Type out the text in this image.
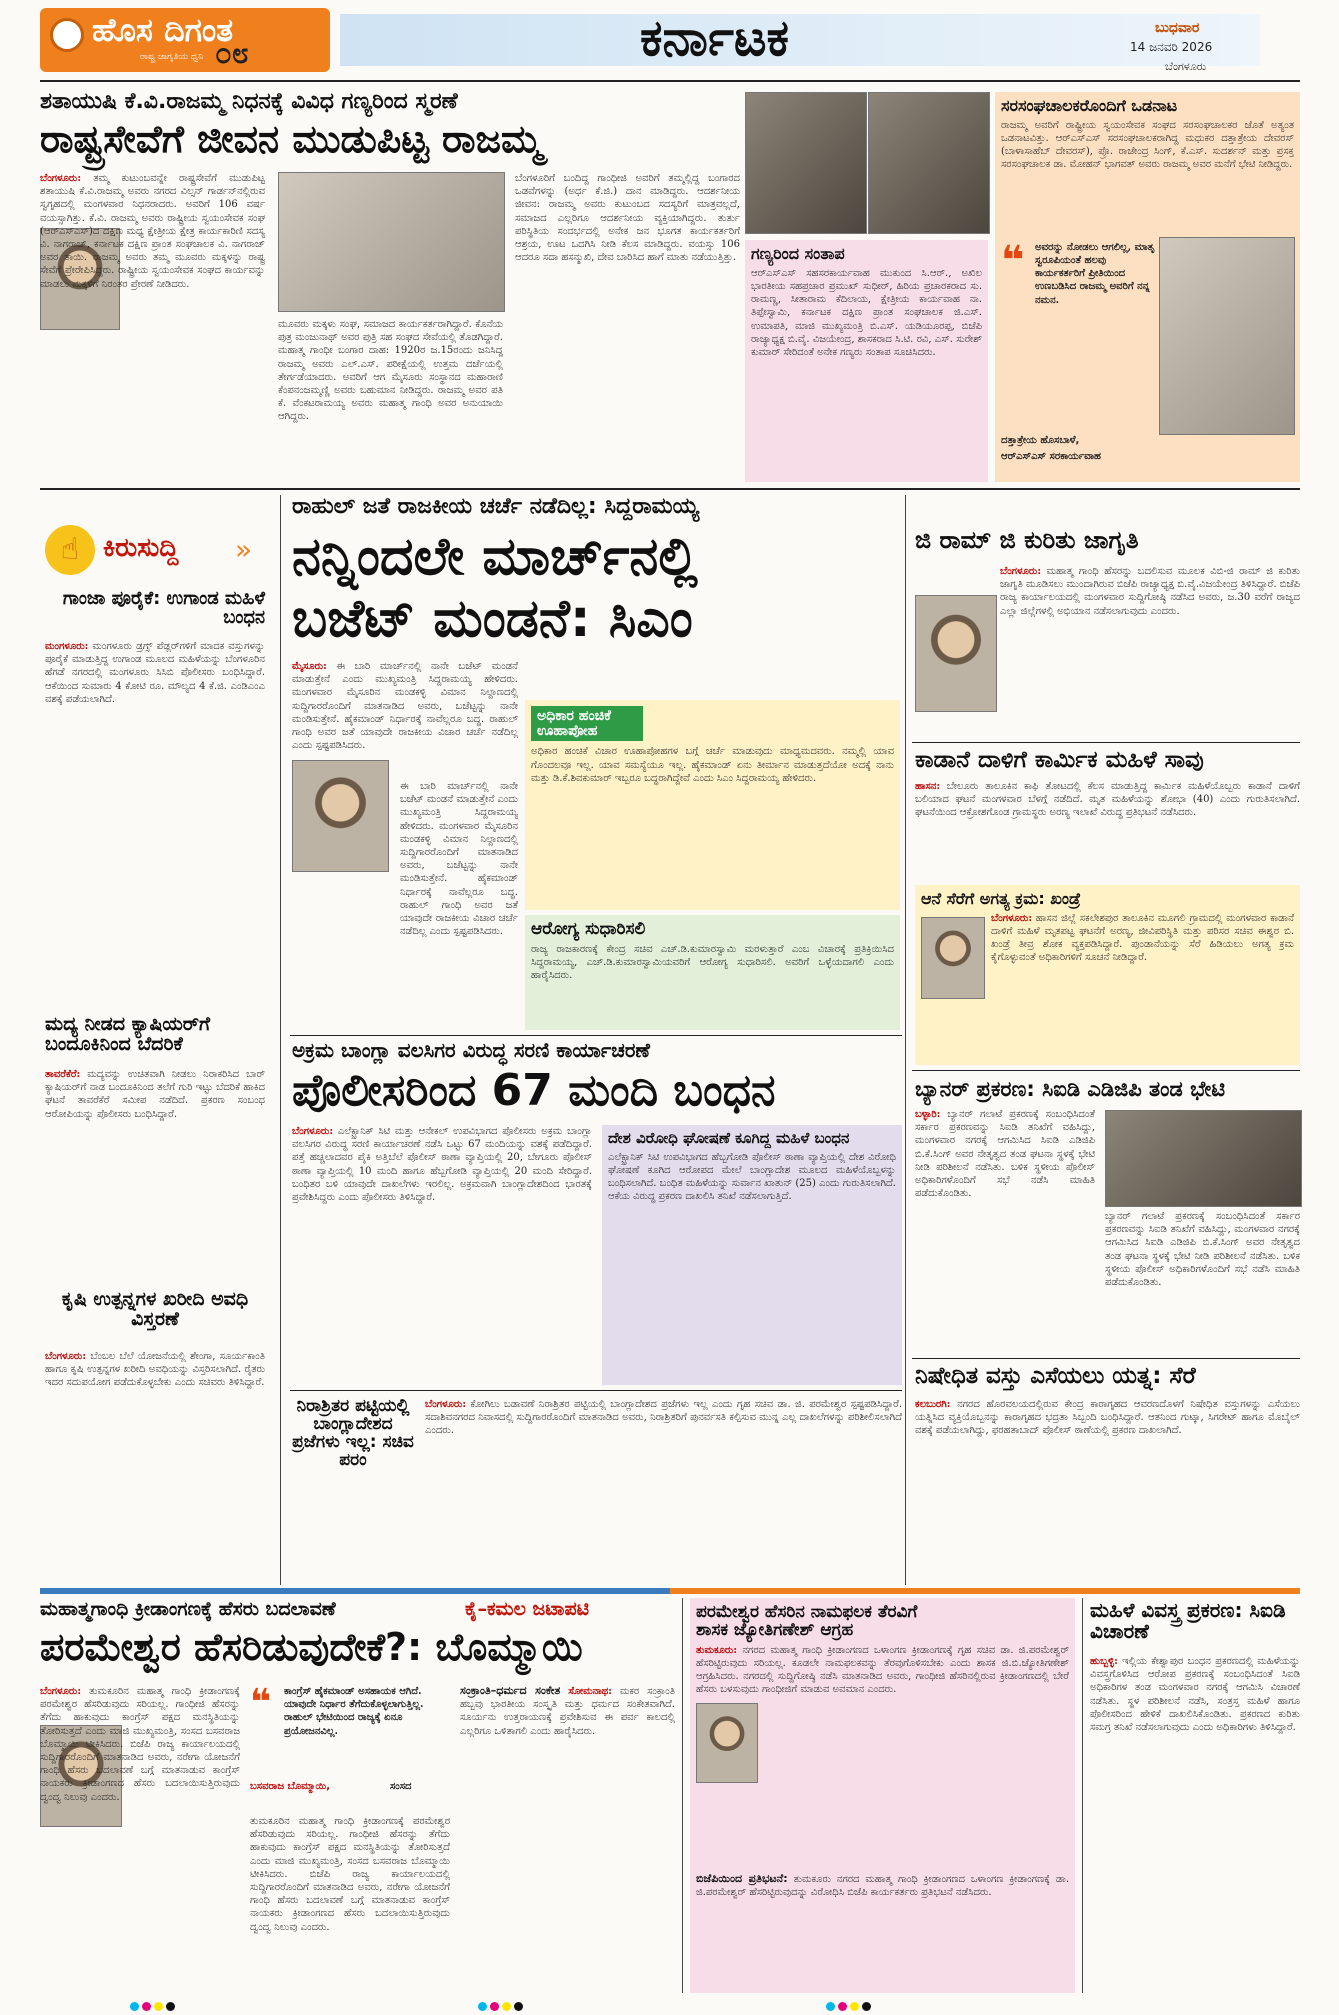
ಹೊಸ ದಿಗಂತ
ರಾಷ್ಟ್ರ ಜಾಗೃತಿಯ ಧ್ವನಿ ೦೮	ಕರ್ನಾಟಕ	ಬುಧವಾರ
14 ಜನವರಿ 2026
ಬೆಂಗಳೂರು
ಶತಾಯುಷಿ ಕೆ.ವಿ.ರಾಜಮ್ಮ ನಿಧನಕ್ಕೆ ವಿವಿಧ ಗಣ್ಯರಿಂದ ಸ್ಮರಣೆ
ರಾಷ್ಟ್ರಸೇವೆಗೆ ಜೀವನ ಮುಡುಪಿಟ್ಟ ರಾಜಮ್ಮ
ಬೆಂಗಳೂರು: ತಮ್ಮ ಕುಟುಂಬವನ್ನೇ ರಾಷ್ಟ್ರಸೇವೆಗೆ ಮುಡುಪಿಟ್ಟ ಶತಾಯುಷಿ ಕೆ.ವಿ.ರಾಜಮ್ಮ ಅವರು ನಗರದ ವಿಲ್ಸನ್ ಗಾರ್ಡನ್‌ನಲ್ಲಿರುವ ಸ್ವಗೃಹದಲ್ಲಿ ಮಂಗಳವಾರ ನಿಧನರಾದರು. ಅವರಿಗೆ 106 ವರ್ಷ ವಯಸ್ಸಾಗಿತ್ತು. ಕೆ.ವಿ. ರಾಜಮ್ಮ ಅವರು ರಾಷ್ಟ್ರೀಯ ಸ್ವಯಂಸೇವಕ ಸಂಘ (ಆರ್‌ಎಸ್‌ಎಸ್)ದ ದಕ್ಷಿಣ ಮಧ್ಯ ಕ್ಷೇತ್ರೀಯ ಕ್ಷೇತ್ರ ಕಾರ್ಯಕಾರಿಣಿ ಸದಸ್ಯ ವಿ. ನಾಗರಾಜ್, ಕರ್ನಾಟಕ ದಕ್ಷಿಣ ಪ್ರಾಂತ ಸಂಘಚಾಲಕ ವಿ. ನಾಗರಾಜ್ ಅವರ ತಾಯಿ. ರಾಜಮ್ಮ ಅವರು ತಮ್ಮ ಮೂವರು ಮಕ್ಕಳನ್ನು ರಾಷ್ಟ್ರ ಸೇವೆಗೆ ಪ್ರೇರೇಪಿಸಿದ್ದರು. ರಾಷ್ಟ್ರೀಯ ಸ್ವಯಂಸೇವಕ ಸಂಘದ ಕಾರ್ಯವನ್ನು ಮಾಡಲು ಮಕ್ಕಳಿಗೆ ನಿರಂತರ ಪ್ರೇರಣೆ ನೀಡಿದರು.
ಮೂವರು ಮಕ್ಕಳು ಸಂಘ, ಸಮಾಜದ ಕಾರ್ಯಕರ್ತರಾಗಿದ್ದಾರೆ. ಕೊನೆಯ ಪುತ್ರ ಮಂಜುನಾಥ್ ಅವರ ಪುತ್ರಿ ಸಹ ಸಂಘದ ಸೇವೆಯಲ್ಲಿ ತೊಡಗಿದ್ದಾರೆ. ಮಹಾತ್ಮ ಗಾಂಧೀ ಬಂಗಾರ ದಾಹ: 1920ರ ಜ.15ರಂದು ಜನಿಸಿದ್ದ ರಾಜಮ್ಮ ಅವರು ಎಲ್.ಎಸ್. ಪರೀಕ್ಷೆಯಲ್ಲಿ ಉತ್ತಮ ದರ್ಜೆಯಲ್ಲಿ ತೇರ್ಗಡೆಯಾದರು. ಅವರಿಗೆ ಆಗ ಮೈಸೂರು ಸಂಸ್ಥಾನದ ಮಹಾರಾಣಿ ಕೆಂಪನಂಜಮ್ಮಣ್ಣಿ ಅವರು ಬಹುಮಾನ ನೀಡಿದ್ದರು. ರಾಜಮ್ಮ ಅವರ ಪತಿ ಕೆ. ವೆಂಕಟರಾಮಯ್ಯ ಅವರು ಮಹಾತ್ಮ ಗಾಂಧಿ ಅವರ ಅನುಯಾಯಿ ಆಗಿದ್ದರು.
ಬೆಂಗಳೂರಿಗೆ ಬಂದಿದ್ದ ಗಾಂಧೀಜಿ ಅವರಿಗೆ ತಮ್ಮಲ್ಲಿದ್ದ ಬಂಗಾರದ ಒಡವೆಗಳನ್ನು (ಅರ್ಧ ಕೆ.ಜಿ.) ದಾನ ಮಾಡಿದ್ದರು. ಆದರ್ಶನೀಯ ಜೀವನ: ರಾಜಮ್ಮ ಅವರು ಕುಟುಂಬದ ಸದಸ್ಯರಿಗೆ ಮಾತ್ರವಲ್ಲದೆ, ಸಮಾಜದ ಎಲ್ಲರಿಗೂ ಆದರ್ಶನೀಯ ವ್ಯಕ್ತಿಯಾಗಿದ್ದರು. ತುರ್ತು ಪರಿಸ್ಥಿತಿಯ ಸಂದರ್ಭದಲ್ಲಿ ಅನೇಕ ಜನ ಭೂಗತ ಕಾರ್ಯಕರ್ತರಿಗೆ ಆಶ್ರಯ, ಊಟ ಒದಗಿಸಿ ನೀಡಿ ಕೆಲಸ ಮಾಡಿದ್ದರು. ವಯಸ್ಸು 106 ಆದರೂ ಸದಾ ಹಸನ್ಮುಖಿ, ದೇವ ಬಾರಿಸಿದ ಹಾಗೆ ಮಾತು ನಡೆಯುತ್ತಿತ್ತು. ಗಣ್ಯರಿಂದ ಸಂತಾಪ
ಆರ್‌ಎಸ್‌ಎಸ್ ಸಹಸರಕಾರ್ಯವಾಹ ಮುಕುಂದ ಸಿ.ಆರ್., ಅಖಿಲ ಭಾರತೀಯ ಸಹಪ್ರಚಾರ ಪ್ರಮುಖ್ ಸುಧೀರ್, ಹಿರಿಯ ಪ್ರಚಾರಕರಾದ ಸು. ರಾಮಣ್ಣ, ಸೀತಾರಾಮ ಕೆದಿಲಾಯ, ಕ್ಷೇತ್ರೀಯ ಕಾರ್ಯವಾಹ ನಾ. ತಿಪ್ಪೇಸ್ವಾಮಿ, ಕರ್ನಾಟಕ ದಕ್ಷಿಣ ಪ್ರಾಂತ ಸಂಘಚಾಲಕ ಜಿ.ಎಸ್. ಉಮಾಪತಿ, ಮಾಜಿ ಮುಖ್ಯಮಂತ್ರಿ ಬಿ.ಎಸ್. ಯಡಿಯೂರಪ್ಪ, ಬಿಜೆಪಿ ರಾಜ್ಯಾಧ್ಯಕ್ಷ ಬಿ.ವೈ. ವಿಜಯೇಂದ್ರ, ಶಾಸಕರಾದ ಸಿ.ಟಿ. ರವಿ, ಎಸ್. ಸುರೇಶ್ ಕುಮಾರ್ ಸೇರಿದಂತೆ ಅನೇಕ ಗಣ್ಯರು ಸಂತಾಪ ಸೂಚಿಸಿದರು.
ಸರಸಂಘಚಾಲಕರೊಂದಿಗೆ ಒಡನಾಟ
ರಾಜಮ್ಮ ಅವರಿಗೆ ರಾಷ್ಟ್ರೀಯ ಸ್ವಯಂಸೇವಕ ಸಂಘದ ಸರಸಂಘಚಾಲಕರ ಜೊತೆ ಅತ್ಯಂತ ಒಡನಾಟವಿತ್ತು. ಆರ್‌ಎಸ್‌ಎಸ್ ಸರಸಂಘಚಾಲಕರಾಗಿದ್ದ ಮಧುಕರ ದತ್ತಾತ್ರೇಯ ದೇವರಸ್ (ಬಾಳಾಸಾಹೆಬ್ ದೇವರಸ್), ಪ್ರೊ. ರಾಜೇಂದ್ರ ಸಿಂಗ್, ಕೆ.ಎಸ್. ಸುದರ್ಶನ್ ಮತ್ತು ಪ್ರಸಕ್ತ ಸರಸಂಘಚಾಲಕ ಡಾ. ಮೋಹನ್ ಭಾಗವತ್ ಅವರು ರಾಜಮ್ಮ ಅವರ ಮನೆಗೆ ಭೇಟಿ ನೀಡಿದ್ದರು.
❝ ಅವರನ್ನು ನೋಡಲು ಆಗಲಿಲ್ಲ, ಮಾತೃ ಸ್ವರೂಪಿಯಂತೆ ಹಲವು ಕಾರ್ಯಕರ್ತರಿಗೆ ಪ್ರೀತಿಯಿಂದ ಉಣಬಡಿಸಿದ ರಾಜಮ್ಮ ಅವರಿಗೆ ನನ್ನ ನಮನ.
ದತ್ತಾತ್ರೇಯ ಹೊಸಬಾಳೆ,
ಆರ್‌ಎಸ್‌ಎಸ್ ಸರಕಾರ್ಯವಾಹ
☝ ಕಿರುಸುದ್ದಿ »
ಗಾಂಜಾ ಪೂರೈಕೆ: ಉಗಾಂಡ ಮಹಿಳೆ ಬಂಧನ
ಮಂಗಳೂರು: ಮಂಗಳೂರು ಡ್ರಗ್ಸ್ ಪೆಡ್ಲರ್‌ಗಳಿಗೆ ಮಾದಕ ವಸ್ತುಗಳನ್ನು ಪೂರೈಕೆ ಮಾಡುತ್ತಿದ್ದ ಉಗಾಂಡ ಮೂಲದ ಮಹಿಳೆಯನ್ನು ಬೆಂಗಳೂರಿನ ಹೆಗಡೆ ನಗರದಲ್ಲಿ ಮಂಗಳೂರು ಸಿಸಿಬಿ ಪೊಲೀಸರು ಬಂಧಿಸಿದ್ದಾರೆ. ಆಕೆಯಿಂದ ಸುಮಾರು 4 ಕೋಟಿ ರೂ. ಮೌಲ್ಯದ 4 ಕೆ.ಜಿ. ಎಂಡಿಎಂಎ ವಶಕ್ಕೆ ಪಡೆಯಲಾಗಿದೆ.
ಮದ್ಯ ನೀಡದ ಕ್ಯಾಷಿಯರ್‌ಗೆ ಬಂದೂಕಿನಿಂದ ಬೆದರಿಕೆ
ತಾವರೆಕೆರೆ: ಮದ್ಯವನ್ನು ಉಚಿತವಾಗಿ ನೀಡಲು ನಿರಾಕರಿಸಿದ ಬಾರ್ ಕ್ಯಾಷಿಯರ್‌ಗೆ ನಾಡ ಬಂದೂಕಿನಿಂದ ತಲೆಗೆ ಗುರಿ ಇಟ್ಟು ಬೆದರಿಕೆ ಹಾಕಿದ ಘಟನೆ ತಾವರೆಕೆರೆ ಸಮೀಪ ನಡೆದಿದೆ. ಪ್ರಕರಣ ಸಂಬಂಧ ಆರೋಪಿಯನ್ನು ಪೊಲೀಸರು ಬಂಧಿಸಿದ್ದಾರೆ.
ಕೃಷಿ ಉತ್ಪನ್ನಗಳ ಖರೀದಿ ಅವಧಿ ವಿಸ್ತರಣೆ
ಬೆಂಗಳೂರು: ಬೆಂಬಲ ಬೆಲೆ ಯೋಜನೆಯಲ್ಲಿ ಶೇಂಗಾ, ಸೂರ್ಯಕಾಂತಿ ಹಾಗೂ ಕೃಷಿ ಉತ್ಪನ್ನಗಳ ಖರೀದಿ ಅವಧಿಯನ್ನು ವಿಸ್ತರಿಸಲಾಗಿದೆ. ರೈತರು ಇದರ ಸದುಪಯೋಗ ಪಡೆದುಕೊಳ್ಳಬೇಕು ಎಂದು ಸಚಿವರು ತಿಳಿಸಿದ್ದಾರೆ.
ರಾಹುಲ್ ಜತೆ ರಾಜಕೀಯ ಚರ್ಚೆ ನಡೆದಿಲ್ಲ: ಸಿದ್ದರಾಮಯ್ಯ
ನನ್ನಿಂದಲೇ ಮಾರ್ಚ್‌ನಲ್ಲಿ
ಬಜೆಟ್ ಮಂಡನೆ: ಸಿಎಂ
ಮೈಸೂರು: ಈ ಬಾರಿ ಮಾರ್ಚ್‌ನಲ್ಲಿ ನಾನೇ ಬಜೆಟ್ ಮಂಡನೆ ಮಾಡುತ್ತೇನೆ ಎಂದು ಮುಖ್ಯಮಂತ್ರಿ ಸಿದ್ದರಾಮಯ್ಯ ಹೇಳಿದರು. ಮಂಗಳವಾರ ಮೈಸೂರಿನ ಮಂಡಕಳ್ಳಿ ವಿಮಾನ ನಿಲ್ದಾಣದಲ್ಲಿ ಸುದ್ದಿಗಾರರೊಂದಿಗೆ ಮಾತನಾಡಿದ ಅವರು, ಬಜೆಟ್ಟನ್ನು ನಾನೇ ಮಂಡಿಸುತ್ತೇನೆ. ಹೈಕಮಾಂಡ್ ನಿರ್ಧಾರಕ್ಕೆ ನಾವೆಲ್ಲರೂ ಬದ್ಧ. ರಾಹುಲ್ ಗಾಂಧಿ ಅವರ ಜತೆ ಯಾವುದೇ ರಾಜಕೀಯ ವಿಚಾರ ಚರ್ಚೆ ನಡೆದಿಲ್ಲ ಎಂದು ಸ್ಪಷ್ಟಪಡಿಸಿದರು.
ಈ ಬಾರಿ ಮಾರ್ಚ್‌ನಲ್ಲಿ ನಾನೇ ಬಜೆಟ್ ಮಂಡನೆ ಮಾಡುತ್ತೇನೆ ಎಂದು ಮುಖ್ಯಮಂತ್ರಿ ಸಿದ್ದರಾಮಯ್ಯ ಹೇಳಿದರು. ಮಂಗಳವಾರ ಮೈಸೂರಿನ ಮಂಡಕಳ್ಳಿ ವಿಮಾನ ನಿಲ್ದಾಣದಲ್ಲಿ ಸುದ್ದಿಗಾರರೊಂದಿಗೆ ಮಾತನಾಡಿದ ಅವರು, ಬಜೆಟ್ಟನ್ನು ನಾನೇ ಮಂಡಿಸುತ್ತೇನೆ. ಹೈಕಮಾಂಡ್ ನಿರ್ಧಾರಕ್ಕೆ ನಾವೆಲ್ಲರೂ ಬದ್ಧ. ರಾಹುಲ್ ಗಾಂಧಿ ಅವರ ಜತೆ ಯಾವುದೇ ರಾಜಕೀಯ ವಿಚಾರ ಚರ್ಚೆ ನಡೆದಿಲ್ಲ ಎಂದು ಸ್ಪಷ್ಟಪಡಿಸಿದರು.
ಅಧಿಕಾರ ಹಂಚಿಕೆ ಊಹಾಪೋಹ
ಅಧಿಕಾರ ಹಂಚಿಕೆ ವಿಚಾರ ಊಹಾಪೋಹಗಳ ಬಗ್ಗೆ ಚರ್ಚೆ ಮಾಡುವುದು ಮಾಧ್ಯಮದವರು. ನಮ್ಮಲ್ಲಿ ಯಾವ ಗೊಂದಲವೂ ಇಲ್ಲ. ಯಾವ ಸಮಸ್ಯೆಯೂ ಇಲ್ಲ. ಹೈಕಮಾಂಡ್ ಏನು ತೀರ್ಮಾನ ಮಾಡುತ್ತದೆಯೋ ಅದಕ್ಕೆ ನಾನು ಮತ್ತು ಡಿ.ಕೆ.ಶಿವಕುಮಾರ್ ಇಬ್ಬರೂ ಬದ್ಧರಾಗಿದ್ದೇವೆ ಎಂದು ಸಿಎಂ ಸಿದ್ದರಾಮಯ್ಯ ಹೇಳಿದರು.
ಆರೋಗ್ಯ ಸುಧಾರಿಸಲಿ
ರಾಜ್ಯ ರಾಜಕಾರಣಕ್ಕೆ ಕೇಂದ್ರ ಸಚಿವ ಎಚ್.ಡಿ.ಕುಮಾರಸ್ವಾಮಿ ಮರಳುತ್ತಾರೆ ಎಂಬ ವಿಚಾರಕ್ಕೆ ಪ್ರತಿಕ್ರಿಯಿಸಿದ ಸಿದ್ದರಾಮಯ್ಯ, ಎಚ್.ಡಿ.ಕುಮಾರಸ್ವಾಮಿಯವರಿಗೆ ಆರೋಗ್ಯ ಸುಧಾರಿಸಲಿ. ಅವರಿಗೆ ಒಳ್ಳೆಯದಾಗಲಿ ಎಂದು ಹಾರೈಸಿದರು.
ಅಕ್ರಮ ಬಾಂಗ್ಲಾ ವಲಸಿಗರ ವಿರುದ್ಧ ಸರಣಿ ಕಾರ್ಯಾಚರಣೆ
ಪೊಲೀಸರಿಂದ 67 ಮಂದಿ ಬಂಧನ
ಬೆಂಗಳೂರು: ಎಲೆಕ್ಟ್ರಾನಿಕ್ ಸಿಟಿ ಮತ್ತು ಆನೇಕಲ್ ಉಪವಿಭಾಗದ ಪೊಲೀಸರು ಅಕ್ರಮ ಬಾಂಗ್ಲಾ ವಲಸಿಗರ ವಿರುದ್ಧ ಸರಣಿ ಕಾರ್ಯಾಚರಣೆ ನಡೆಸಿ ಒಟ್ಟು 67 ಮಂದಿಯನ್ನು ವಶಕ್ಕೆ ಪಡೆದಿದ್ದಾರೆ. ಪತ್ತೆ ಹಚ್ಚಲಾದವರ ಪೈಕಿ ಅತ್ತಿಬೆಲೆ ಪೊಲೀಸ್ ಠಾಣಾ ವ್ಯಾಪ್ತಿಯಲ್ಲಿ 20, ಬೇಗೂರು ಪೊಲೀಸ್ ಠಾಣಾ ವ್ಯಾಪ್ತಿಯಲ್ಲಿ 10 ಮಂದಿ ಹಾಗೂ ಹೆಬ್ಬಗೋಡಿ ವ್ಯಾಪ್ತಿಯಲ್ಲಿ 20 ಮಂದಿ ಸೇರಿದ್ದಾರೆ. ಬಂಧಿತರ ಬಳಿ ಯಾವುದೇ ದಾಖಲೆಗಳು ಇರಲಿಲ್ಲ. ಅಕ್ರಮವಾಗಿ ಬಾಂಗ್ಲಾದೇಶದಿಂದ ಭಾರತಕ್ಕೆ ಪ್ರವೇಶಿಸಿದ್ದರು ಎಂದು ಪೊಲೀಸರು ತಿಳಿಸಿದ್ದಾರೆ.
ದೇಶ ವಿರೋಧಿ ಘೋಷಣೆ ಕೂಗಿದ್ದ ಮಹಿಳೆ ಬಂಧನ
ಎಲೆಕ್ಟ್ರಾನಿಕ್ ಸಿಟಿ ಉಪವಿಭಾಗದ ಹೆಬ್ಬಗೋಡಿ ಪೊಲೀಸ್ ಠಾಣಾ ವ್ಯಾಪ್ತಿಯಲ್ಲಿ ದೇಶ ವಿರೋಧಿ ಘೋಷಣೆ ಕೂಗಿದ ಆರೋಪದ ಮೇಲೆ ಬಾಂಗ್ಲಾದೇಶ ಮೂಲದ ಮಹಿಳೆಯೊಬ್ಬಳನ್ನು ಬಂಧಿಸಲಾಗಿದೆ. ಬಂಧಿತ ಮಹಿಳೆಯನ್ನು ಸುರ್ವಾನ ಖಾತುನ್ (25) ಎಂದು ಗುರುತಿಸಲಾಗಿದೆ. ಆಕೆಯ ವಿರುದ್ಧ ಪ್ರಕರಣ ದಾಖಲಿಸಿ ತನಿಖೆ ನಡೆಸಲಾಗುತ್ತಿದೆ.
ನಿರಾಶ್ರಿತರ ಪಟ್ಟಿಯಲ್ಲಿ ಬಾಂಗ್ಲಾದೇಶದ ಪ್ರಜೆಗಳು ಇಲ್ಲ: ಸಚಿವ ಪರಂ
ಬೆಂಗಳೂರು: ಕೋಗಿಲು ಬಡಾವಣೆ ನಿರಾಶ್ರಿತರ ಪಟ್ಟಿಯಲ್ಲಿ ಬಾಂಗ್ಲಾದೇಶದ ಪ್ರಜೆಗಳು ಇಲ್ಲ ಎಂದು ಗೃಹ ಸಚಿವ ಡಾ. ಜಿ. ಪರಮೇಶ್ವರ ಸ್ಪಷ್ಟಪಡಿಸಿದ್ದಾರೆ. ಸದಾಶಿವನಗರದ ನಿವಾಸದಲ್ಲಿ ಸುದ್ದಿಗಾರರೊಂದಿಗೆ ಮಾತನಾಡಿದ ಅವರು, ನಿರಾಶ್ರಿತರಿಗೆ ಪುನರ್ವಸತಿ ಕಲ್ಪಿಸುವ ಮುನ್ನ ಎಲ್ಲ ದಾಖಲೆಗಳನ್ನು ಪರಿಶೀಲಿಸಲಾಗಿದೆ ಎಂದರು.
ಜಿ ರಾಮ್ ಜಿ ಕುರಿತು ಜಾಗೃತಿ
ಬೆಂಗಳೂರು: ಮಹಾತ್ಮ ಗಾಂಧಿ ಹೆಸರನ್ನು ಬದಲಿಸುವ ಮೂಲಕ ವಿಬಿ-ಜಿ ರಾಮ್ ಜಿ ಕುರಿತು ಜಾಗೃತಿ ಮೂಡಿಸಲು ಮುಂದಾಗಿರುವ ಬಿಜೆಪಿ ರಾಜ್ಯಾಧ್ಯಕ್ಷ ಬಿ.ವೈ.ವಿಜಯೇಂದ್ರ ತಿಳಿಸಿದ್ದಾರೆ. ಬಿಜೆಪಿ ರಾಜ್ಯ ಕಾರ್ಯಾಲಯದಲ್ಲಿ ಮಂಗಳವಾರ ಸುದ್ದಿಗೋಷ್ಠಿ ನಡೆಸಿದ ಅವರು, ಜ.30 ವರೆಗೆ ರಾಜ್ಯದ ಎಲ್ಲಾ ಜಿಲ್ಲೆಗಳಲ್ಲಿ ಅಭಿಯಾನ ನಡೆಸಲಾಗುವುದು ಎಂದರು.
ಕಾಡಾನೆ ದಾಳಿಗೆ ಕಾರ್ಮಿಕ ಮಹಿಳೆ ಸಾವು
ಹಾಸನ: ಬೇಲೂರು ತಾಲೂಕಿನ ಕಾಫಿ ತೋಟದಲ್ಲಿ ಕೆಲಸ ಮಾಡುತ್ತಿದ್ದ ಕಾರ್ಮಿಕ ಮಹಿಳೆಯೊಬ್ಬರು ಕಾಡಾನೆ ದಾಳಿಗೆ ಬಲಿಯಾದ ಘಟನೆ ಮಂಗಳವಾರ ಬೆಳಗ್ಗೆ ನಡೆದಿದೆ. ಮೃತ ಮಹಿಳೆಯನ್ನು ಶೋಭಾ (40) ಎಂದು ಗುರುತಿಸಲಾಗಿದೆ. ಘಟನೆಯಿಂದ ಆಕ್ರೋಶಗೊಂಡ ಗ್ರಾಮಸ್ಥರು ಅರಣ್ಯ ಇಲಾಖೆ ವಿರುದ್ಧ ಪ್ರತಿಭಟನೆ ನಡೆಸಿದರು.
ಆನೆ ಸೆರೆಗೆ ಅಗತ್ಯ ಕ್ರಮ: ಖಂಡ್ರೆ
ಬೆಂಗಳೂರು: ಹಾಸನ ಜಿಲ್ಲೆ ಸಕಲೇಶಪುರ ತಾಲೂಕಿನ ಮೂಗಲಿ ಗ್ರಾಮದಲ್ಲಿ ಮಂಗಳವಾರ ಕಾಡಾನೆ ದಾಳಿಗೆ ಮಹಿಳೆ ಮೃತಪಟ್ಟ ಘಟನೆಗೆ ಅರಣ್ಯ, ಜೀವಿಪರಿಸ್ಥಿತಿ ಮತ್ತು ಪರಿಸರ ಸಚಿವ ಈಶ್ವರ ಬಿ. ಖಂಡ್ರೆ ತೀವ್ರ ಶೋಕ ವ್ಯಕ್ತಪಡಿಸಿದ್ದಾರೆ. ಪುಂಡಾನೆಯನ್ನು ಸೆರೆ ಹಿಡಿಯಲು ಅಗತ್ಯ ಕ್ರಮ ಕೈಗೊಳ್ಳುವಂತೆ ಅಧಿಕಾರಿಗಳಿಗೆ ಸೂಚನೆ ನೀಡಿದ್ದಾರೆ.
ಬ್ಯಾನರ್ ಪ್ರಕರಣ: ಸಿಐಡಿ ಎಡಿಜಿಪಿ ತಂಡ ಭೇಟಿ
ಬಳ್ಳಾರಿ: ಬ್ಯಾನರ್ ಗಲಾಟೆ ಪ್ರಕರಣಕ್ಕೆ ಸಂಬಂಧಿಸಿದಂತೆ ಸರ್ಕಾರ ಪ್ರಕರಣವನ್ನು ಸಿಐಡಿ ತನಿಖೆಗೆ ವಹಿಸಿದ್ದು, ಮಂಗಳವಾರ ನಗರಕ್ಕೆ ಆಗಮಿಸಿದ ಸಿಐಡಿ ಎಡಿಜಿಪಿ ಬಿ.ಕೆ.ಸಿಂಗ್ ಅವರ ನೇತೃತ್ವದ ತಂಡ ಘಟನಾ ಸ್ಥಳಕ್ಕೆ ಭೇಟಿ ನೀಡಿ ಪರಿಶೀಲನೆ ನಡೆಸಿತು. ಬಳಿಕ ಸ್ಥಳೀಯ ಪೊಲೀಸ್ ಅಧಿಕಾರಿಗಳೊಂದಿಗೆ ಸಭೆ ನಡೆಸಿ ಮಾಹಿತಿ ಪಡೆದುಕೊಂಡಿತು.
ಬ್ಯಾನರ್ ಗಲಾಟೆ ಪ್ರಕರಣಕ್ಕೆ ಸಂಬಂಧಿಸಿದಂತೆ ಸರ್ಕಾರ ಪ್ರಕರಣವನ್ನು ಸಿಐಡಿ ತನಿಖೆಗೆ ವಹಿಸಿದ್ದು, ಮಂಗಳವಾರ ನಗರಕ್ಕೆ ಆಗಮಿಸಿದ ಸಿಐಡಿ ಎಡಿಜಿಪಿ ಬಿ.ಕೆ.ಸಿಂಗ್ ಅವರ ನೇತೃತ್ವದ ತಂಡ ಘಟನಾ ಸ್ಥಳಕ್ಕೆ ಭೇಟಿ ನೀಡಿ ಪರಿಶೀಲನೆ ನಡೆಸಿತು. ಬಳಿಕ ಸ್ಥಳೀಯ ಪೊಲೀಸ್ ಅಧಿಕಾರಿಗಳೊಂದಿಗೆ ಸಭೆ ನಡೆಸಿ ಮಾಹಿತಿ ಪಡೆದುಕೊಂಡಿತು.
ನಿಷೇಧಿತ ವಸ್ತು ಎಸೆಯಲು ಯತ್ನ: ಸೆರೆ
ಕಲಬುರಗಿ: ನಗರದ ಹೊರವಲಯದಲ್ಲಿರುವ ಕೇಂದ್ರ ಕಾರಾಗೃಹದ ಆವರಣದೊಳಗೆ ನಿಷೇಧಿತ ವಸ್ತುಗಳನ್ನು ಎಸೆಯಲು ಯತ್ನಿಸಿದ ವ್ಯಕ್ತಿಯೊಬ್ಬನನ್ನು ಕಾರಾಗೃಹದ ಭದ್ರತಾ ಸಿಬ್ಬಂದಿ ಬಂಧಿಸಿದ್ದಾರೆ. ಆತನಿಂದ ಗುಟ್ಕಾ, ಸಿಗರೇಟ್ ಹಾಗೂ ಮೊಬೈಲ್ ವಶಕ್ಕೆ ಪಡೆಯಲಾಗಿದ್ದು, ಫರಹತಾಬಾದ್ ಪೊಲೀಸ್ ಠಾಣೆಯಲ್ಲಿ ಪ್ರಕರಣ ದಾಖಲಾಗಿದೆ.
ಮಹಾತ್ಮಗಾಂಧಿ ಕ್ರೀಡಾಂಗಣಕ್ಕೆ ಹೆಸರು ಬದಲಾವಣೆ	ಕೈ–ಕಮಲ ಜಟಾಪಟಿ
ಪರಮೇಶ್ವರ ಹೆಸರಿಡುವುದೇಕೆ?: ಬೊಮ್ಮಾಯಿ
ಬೆಂಗಳೂರು: ತುಮಕೂರಿನ ಮಹಾತ್ಮ ಗಾಂಧಿ ಕ್ರೀಡಾಂಗಣಕ್ಕೆ ಪರಮೇಶ್ವರ ಹೆಸರಿಡುವುದು ಸರಿಯಲ್ಲ. ಗಾಂಧೀಜಿ ಹೆಸರನ್ನು ತೆಗೆದು ಹಾಕುವುದು ಕಾಂಗ್ರೆಸ್ ಪಕ್ಷದ ಮನಸ್ಥಿತಿಯನ್ನು ತೋರಿಸುತ್ತದೆ ಎಂದು ಮಾಜಿ ಮುಖ್ಯಮಂತ್ರಿ, ಸಂಸದ ಬಸವರಾಜ ಬೊಮ್ಮಾಯಿ ಟೀಕಿಸಿದರು. ಬಿಜೆಪಿ ರಾಜ್ಯ ಕಾರ್ಯಾಲಯದಲ್ಲಿ ಸುದ್ದಿಗಾರರೊಂದಿಗೆ ಮಾತನಾಡಿದ ಅವರು, ನರೇಗಾ ಯೋಜನೆಗೆ ಗಾಂಧಿ ಹೆಸರು ಬದಲಾವಣೆ ಬಗ್ಗೆ ಮಾತನಾಡುವ ಕಾಂಗ್ರೆಸ್ ನಾಯಕರು ಕ್ರೀಡಾಂಗಣದ ಹೆಸರು ಬದಲಾಯಿಸುತ್ತಿರುವುದು ದ್ವಂದ್ವ ನಿಲುವು ಎಂದರು.
❝ ಕಾಂಗ್ರೆಸ್ ಹೈಕಮಾಂಡ್ ಅಸಹಾಯಕ ಆಗಿದೆ. ಯಾವುದೇ ನಿರ್ಧಾರ ತೆಗೆದುಕೊಳ್ಳಲಾಗುತ್ತಿಲ್ಲ. ರಾಹುಲ್ ಭೇಟಿಯಿಂದ ರಾಜ್ಯಕ್ಕೆ ಏನೂ ಪ್ರಯೋಜನವಿಲ್ಲ.
ಬಸವರಾಜ ಬೊಮ್ಮಾಯಿ,	ಸಂಸದ
ತುಮಕೂರಿನ ಮಹಾತ್ಮ ಗಾಂಧಿ ಕ್ರೀಡಾಂಗಣಕ್ಕೆ ಪರಮೇಶ್ವರ ಹೆಸರಿಡುವುದು ಸರಿಯಲ್ಲ. ಗಾಂಧೀಜಿ ಹೆಸರನ್ನು ತೆಗೆದು ಹಾಕುವುದು ಕಾಂಗ್ರೆಸ್ ಪಕ್ಷದ ಮನಸ್ಥಿತಿಯನ್ನು ತೋರಿಸುತ್ತದೆ ಎಂದು ಮಾಜಿ ಮುಖ್ಯಮಂತ್ರಿ, ಸಂಸದ ಬಸವರಾಜ ಬೊಮ್ಮಾಯಿ ಟೀಕಿಸಿದರು. ಬಿಜೆಪಿ ರಾಜ್ಯ ಕಾರ್ಯಾಲಯದಲ್ಲಿ ಸುದ್ದಿಗಾರರೊಂದಿಗೆ ಮಾತನಾಡಿದ ಅವರು, ನರೇಗಾ ಯೋಜನೆಗೆ ಗಾಂಧಿ ಹೆಸರು ಬದಲಾವಣೆ ಬಗ್ಗೆ ಮಾತನಾಡುವ ಕಾಂಗ್ರೆಸ್ ನಾಯಕರು ಕ್ರೀಡಾಂಗಣದ ಹೆಸರು ಬದಲಾಯಿಸುತ್ತಿರುವುದು ದ್ವಂದ್ವ ನಿಲುವು ಎಂದರು.
ಸಂಕ್ರಾಂತಿ–ಧರ್ಮದ ಸಂಕೇತ ಸೋಮನಾಥ: ಮಕರ ಸಂಕ್ರಾಂತಿ ಹಬ್ಬವು ಭಾರತೀಯ ಸಂಸ್ಕೃತಿ ಮತ್ತು ಧರ್ಮದ ಸಂಕೇತವಾಗಿದೆ. ಸೂರ್ಯನು ಉತ್ತರಾಯಣಕ್ಕೆ ಪ್ರವೇಶಿಸುವ ಈ ಪರ್ವ ಕಾಲದಲ್ಲಿ ಎಲ್ಲರಿಗೂ ಒಳಿತಾಗಲಿ ಎಂದು ಹಾರೈಸಿದರು.
ಪರಮೇಶ್ವರ ಹೆಸರಿನ ನಾಮಫಲಕ ತೆರವಿಗೆ
ಶಾಸಕ ಜ್ಯೋತಿಗಣೇಶ್ ಆಗ್ರಹ
ತುಮಕೂರು: ನಗರದ ಮಹಾತ್ಮ ಗಾಂಧಿ ಕ್ರೀಡಾಂಗಣದ ಒಳಾಂಗಣ ಕ್ರೀಡಾಂಗಣಕ್ಕೆ ಗೃಹ ಸಚಿವ ಡಾ. ಜಿ.ಪರಮೇಶ್ವರ್ ಹೆಸರಿಟ್ಟಿರುವುದು ಸರಿಯಲ್ಲ. ಕೂಡಲೇ ನಾಮಫಲಕವನ್ನು ತೆರವುಗೊಳಿಸಬೇಕು ಎಂದು ಶಾಸಕ ಜಿ.ಬಿ.ಜ್ಯೋತಿಗಣೇಶ್ ಆಗ್ರಹಿಸಿದರು. ನಗರದಲ್ಲಿ ಸುದ್ದಿಗೋಷ್ಠಿ ನಡೆಸಿ ಮಾತನಾಡಿದ ಅವರು, ಗಾಂಧೀಜಿ ಹೆಸರಿನಲ್ಲಿರುವ ಕ್ರೀಡಾಂಗಣದಲ್ಲಿ ಬೇರೆ ಹೆಸರು ಬಳಸುವುದು ಗಾಂಧೀಜಿಗೆ ಮಾಡುವ ಅವಮಾನ ಎಂದರು.
ಬಿಜೆಪಿಯಿಂದ ಪ್ರತಿಭಟನೆ: ತುಮಕೂರು ನಗರದ ಮಹಾತ್ಮ ಗಾಂಧಿ ಕ್ರೀಡಾಂಗಣದ ಒಳಾಂಗಣ ಕ್ರೀಡಾಂಗಣಕ್ಕೆ ಡಾ. ಜಿ.ಪರಮೇಶ್ವರ್ ಹೆಸರಿಟ್ಟಿರುವುದನ್ನು ವಿರೋಧಿಸಿ ಬಿಜೆಪಿ ಕಾರ್ಯಕರ್ತರು ಪ್ರತಿಭಟನೆ ನಡೆಸಿದರು.
ಮಹಿಳೆ ವಿವಸ್ತ್ರ ಪ್ರಕರಣ: ಸಿಐಡಿ ವಿಚಾರಣೆ
ಹುಬ್ಬಳ್ಳಿ: ಇಲ್ಲಿಯ ಕೇಶ್ವಾಪುರ ಬಂಧನ ಪ್ರಕರಣದಲ್ಲಿ ಮಹಿಳೆಯನ್ನು ವಿವಸ್ತ್ರಗೊಳಿಸಿದ ಆರೋಪ ಪ್ರಕರಣಕ್ಕೆ ಸಂಬಂಧಿಸಿದಂತೆ ಸಿಐಡಿ ಅಧಿಕಾರಿಗಳ ತಂಡ ಮಂಗಳವಾರ ನಗರಕ್ಕೆ ಆಗಮಿಸಿ ವಿಚಾರಣೆ ನಡೆಸಿತು. ಸ್ಥಳ ಪರಿಶೀಲನೆ ನಡೆಸಿ, ಸಂತ್ರಸ್ತ ಮಹಿಳೆ ಹಾಗೂ ಪೊಲೀಸರಿಂದ ಹೇಳಿಕೆ ದಾಖಲಿಸಿಕೊಂಡಿತು. ಪ್ರಕರಣದ ಕುರಿತು ಸಮಗ್ರ ತನಿಖೆ ನಡೆಸಲಾಗುವುದು ಎಂದು ಅಧಿಕಾರಿಗಳು ತಿಳಿಸಿದ್ದಾರೆ.
